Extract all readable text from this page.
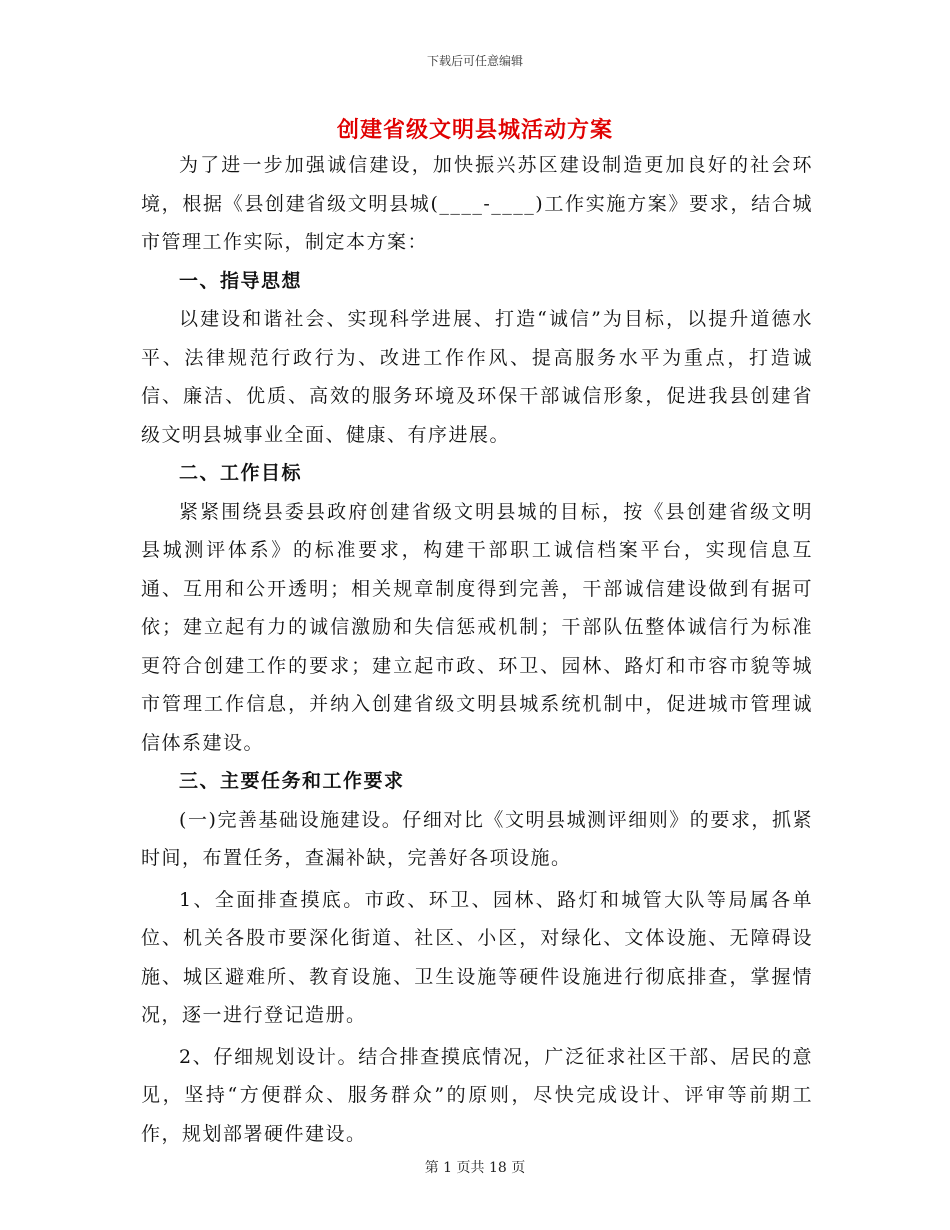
下载后可任意编辑
创建省级文明县城活动方案

为了进一步加强诚信建设，加快振兴苏区建设制造更加良好的社会环境，根据《县创建省级文明县城(____-____)工作实施方案》要求，结合城市管理工作实际，制定本方案：

一、指导思想

以建设和谐社会、实现科学进展、打造“诚信”为目标，以提升道德水平、法律规范行政行为、改进工作作风、提高服务水平为重点，打造诚信、廉洁、优质、高效的服务环境及环保干部诚信形象，促进我县创建省级文明县城事业全面、健康、有序进展。

二、工作目标

紧紧围绕县委县政府创建省级文明县城的目标，按《县创建省级文明县城测评体系》的标准要求，构建干部职工诚信档案平台，实现信息互通、互用和公开透明；相关规章制度得到完善，干部诚信建设做到有据可依；建立起有力的诚信激励和失信惩戒机制；干部队伍整体诚信行为标准更符合创建工作的要求；建立起市政、环卫、园林、路灯和市容市貌等城市管理工作信息，并纳入创建省级文明县城系统机制中，促进城市管理诚信体系建设。

三、主要任务和工作要求

(一)完善基础设施建设。仔细对比《文明县城测评细则》的要求，抓紧时间，布置任务，查漏补缺，完善好各项设施。

1、全面排查摸底。市政、环卫、园林、路灯和城管大队等局属各单位、机关各股市要深化街道、社区、小区，对绿化、文体设施、无障碍设施、城区避难所、教育设施、卫生设施等硬件设施进行彻底排查，掌握情况，逐一进行登记造册。

2、仔细规划设计。结合排查摸底情况，广泛征求社区干部、居民的意见，坚持“方便群众、服务群众”的原则，尽快完成设计、评审等前期工作，规划部署硬件建设。

第 1 页共 18 页
